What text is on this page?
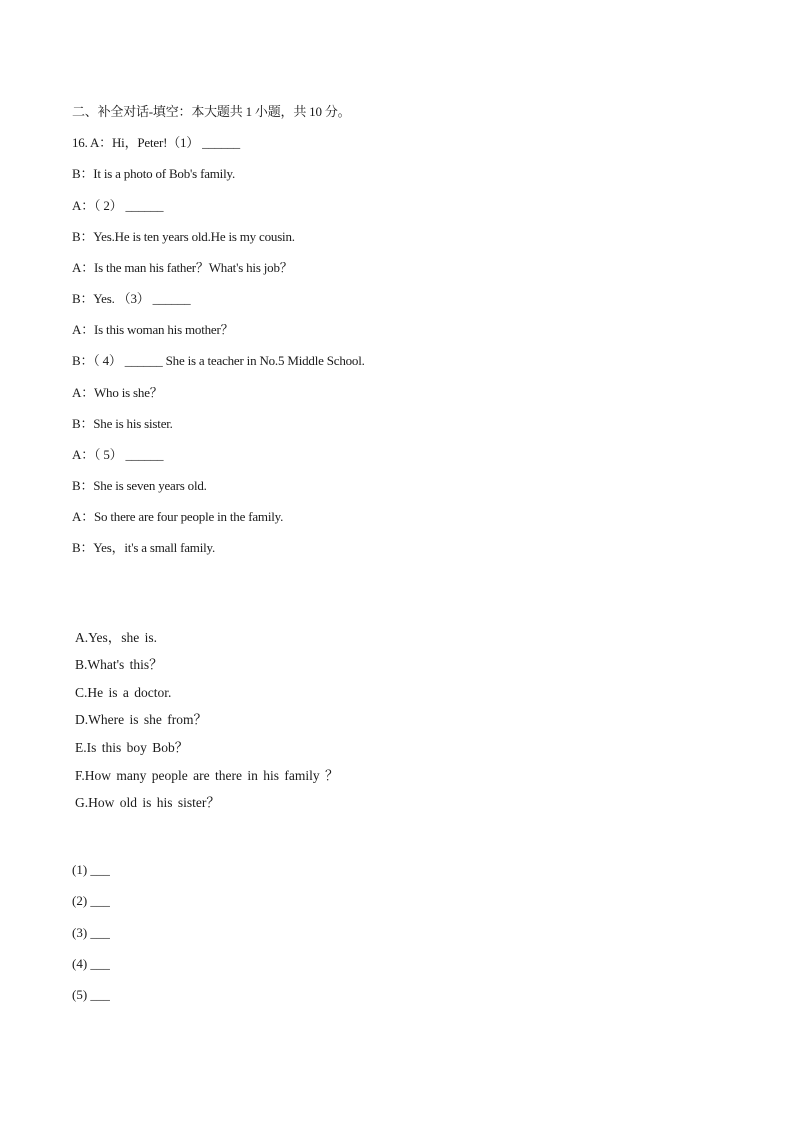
二、补全对话-填空：本大题共 1 小题，共 10 分。
16. A：Hi，Peter!（1） ______
B：It is a photo of Bob's family.
A：（ 2） ______
B：Yes.He is ten years old.He is my cousin.
A：Is the man his father？What's his job？
B：Yes. （3） ______
A：Is this woman his mother？
B：（ 4） ______ She is a teacher in No.5 Middle School.
A：Who is she？
B：She is his sister.
A：（ 5） ______
B：She is seven years old.
A：So there are four people in the family.
B：Yes，it's a small family.
A.Yes，she is.
B.What's this？
C.He is a doctor.
D.Where is she from？
E.Is this boy Bob？
F.How many people are there in his family ？
G.How old is his sister？
(1) ___
(2) ___
(3) ___
(4) ___
(5) ___
